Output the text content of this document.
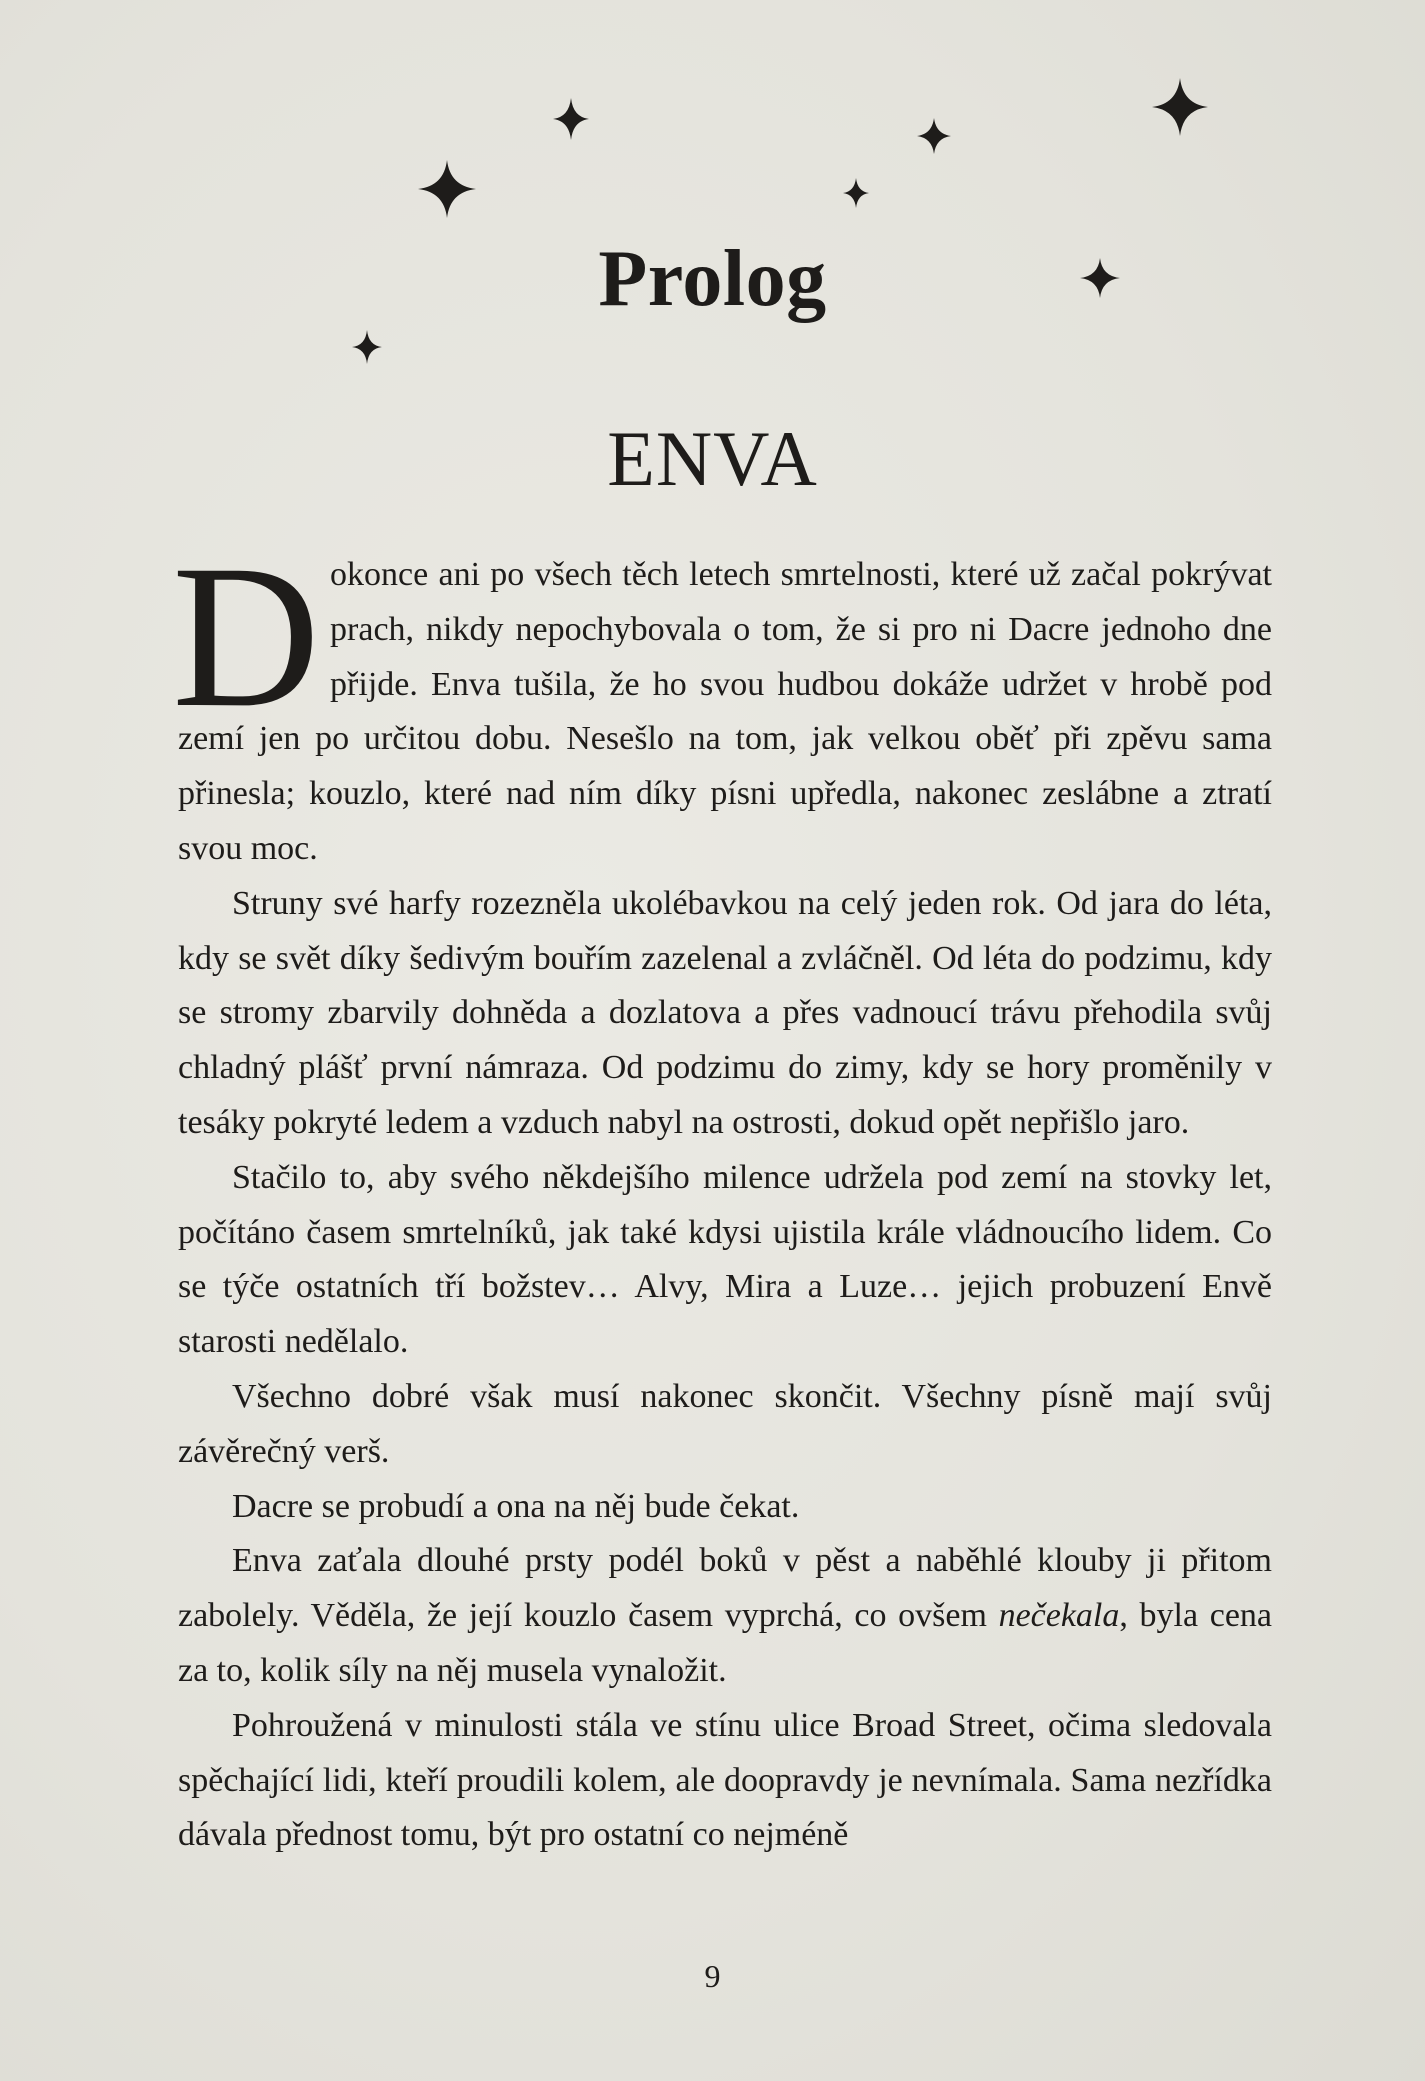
Prolog
ENVA

Dokonce ani po všech těch letech smrtelnosti, které už začal pokrývat prach, nikdy nepochybovala o tom, že si pro ni Dacre jednoho dne přijde. Enva tušila, že ho svou hudbou dokáže udržet v hrobě pod zemí jen po určitou dobu. Nesešlo na tom, jak velkou oběť při zpěvu sama přinesla; kouzlo, které nad ním díky písni upředla, nakonec zeslábne a ztratí svou moc.

Struny své harfy rozezněla ukolébavkou na celý jeden rok. Od jara do léta, kdy se svět díky šedivým bouřím zazelenal a zvláčněl. Od léta do podzimu, kdy se stromy zbarvily dohněda a dozlatova a přes vadnoucí trávu přehodila svůj chladný plášť první námraza. Od podzimu do zimy, kdy se hory proměnily v tesáky pokryté ledem a vzduch nabyl na ostrosti, dokud opět nepřišlo jaro.

Stačilo to, aby svého někdejšího milence udržela pod zemí na stovky let, počítáno časem smrtelníků, jak také kdysi ujistila krále vládnoucího lidem. Co se týče ostatních tří božstev… Alvy, Mira a Luze… jejich probuzení Envě starosti nedělalo.

Všechno dobré však musí nakonec skončit. Všechny písně mají svůj závěrečný verš.

Dacre se probudí a ona na něj bude čekat.

Enva zaťala dlouhé prsty podél boků v pěst a naběhlé klouby ji přitom zabolely. Věděla, že její kouzlo časem vyprchá, co ovšem nečekala, byla cena za to, kolik síly na něj musela vynaložit.

Pohroužená v minulosti stála ve stínu ulice Broad Street, očima sledovala spěchající lidi, kteří proudili kolem, ale doopravdy je nevnímala. Sama nezřídka dávala přednost tomu, být pro ostatní co nejméně

9
